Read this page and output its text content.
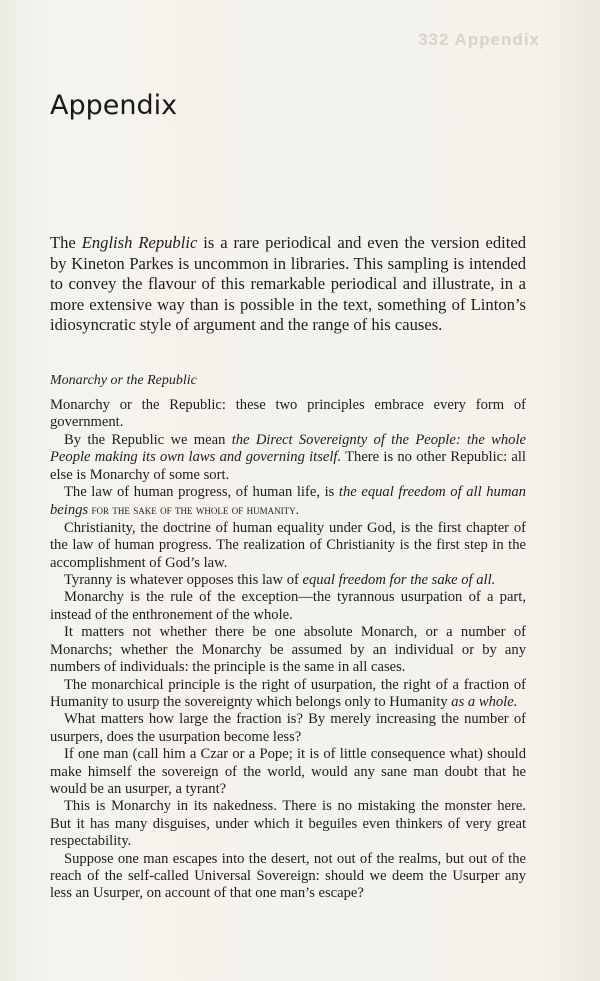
332 Appendix
Appendix

The English Republic is a rare periodical and even the version edited by Kineton Parkes is uncommon in libraries. This sampling is intended to convey the flavour of this remarkable periodical and illustrate, in a more extensive way than is possible in the text, something of Linton’s idiosyncratic style of argument and the range of his causes.

Monarchy or the Republic

Monarchy or the Republic: these two principles embrace every form of government.

By the Republic we mean the Direct Sovereignty of the People: the whole People making its own laws and governing itself. There is no other Republic: all else is Monarchy of some sort.

The law of human progress, of human life, is the equal freedom of all human beings for the sake of the whole of humanity.

Christianity, the doctrine of human equality under God, is the first chapter of the law of human progress. The realization of Christianity is the first step in the accomplishment of God’s law.

Tyranny is whatever opposes this law of equal freedom for the sake of all.

Monarchy is the rule of the exception—the tyrannous usurpation of a part, instead of the enthronement of the whole.

It matters not whether there be one absolute Monarch, or a number of Monarchs; whether the Monarchy be assumed by an individual or by any numbers of individuals: the principle is the same in all cases.

The monarchical principle is the right of usurpation, the right of a fraction of Humanity to usurp the sovereignty which belongs only to Humanity as a whole.

What matters how large the fraction is? By merely increasing the number of usurpers, does the usurpation become less?

If one man (call him a Czar or a Pope; it is of little consequence what) should make himself the sovereign of the world, would any sane man doubt that he would be an usurper, a tyrant?

This is Monarchy in its nakedness. There is no mistaking the monster here. But it has many disguises, under which it beguiles even thinkers of very great respectability.

Suppose one man escapes into the desert, not out of the realms, but out of the reach of the self-called Universal Sovereign: should we deem the Usurper any less an Usurper, on account of that one man’s escape?
